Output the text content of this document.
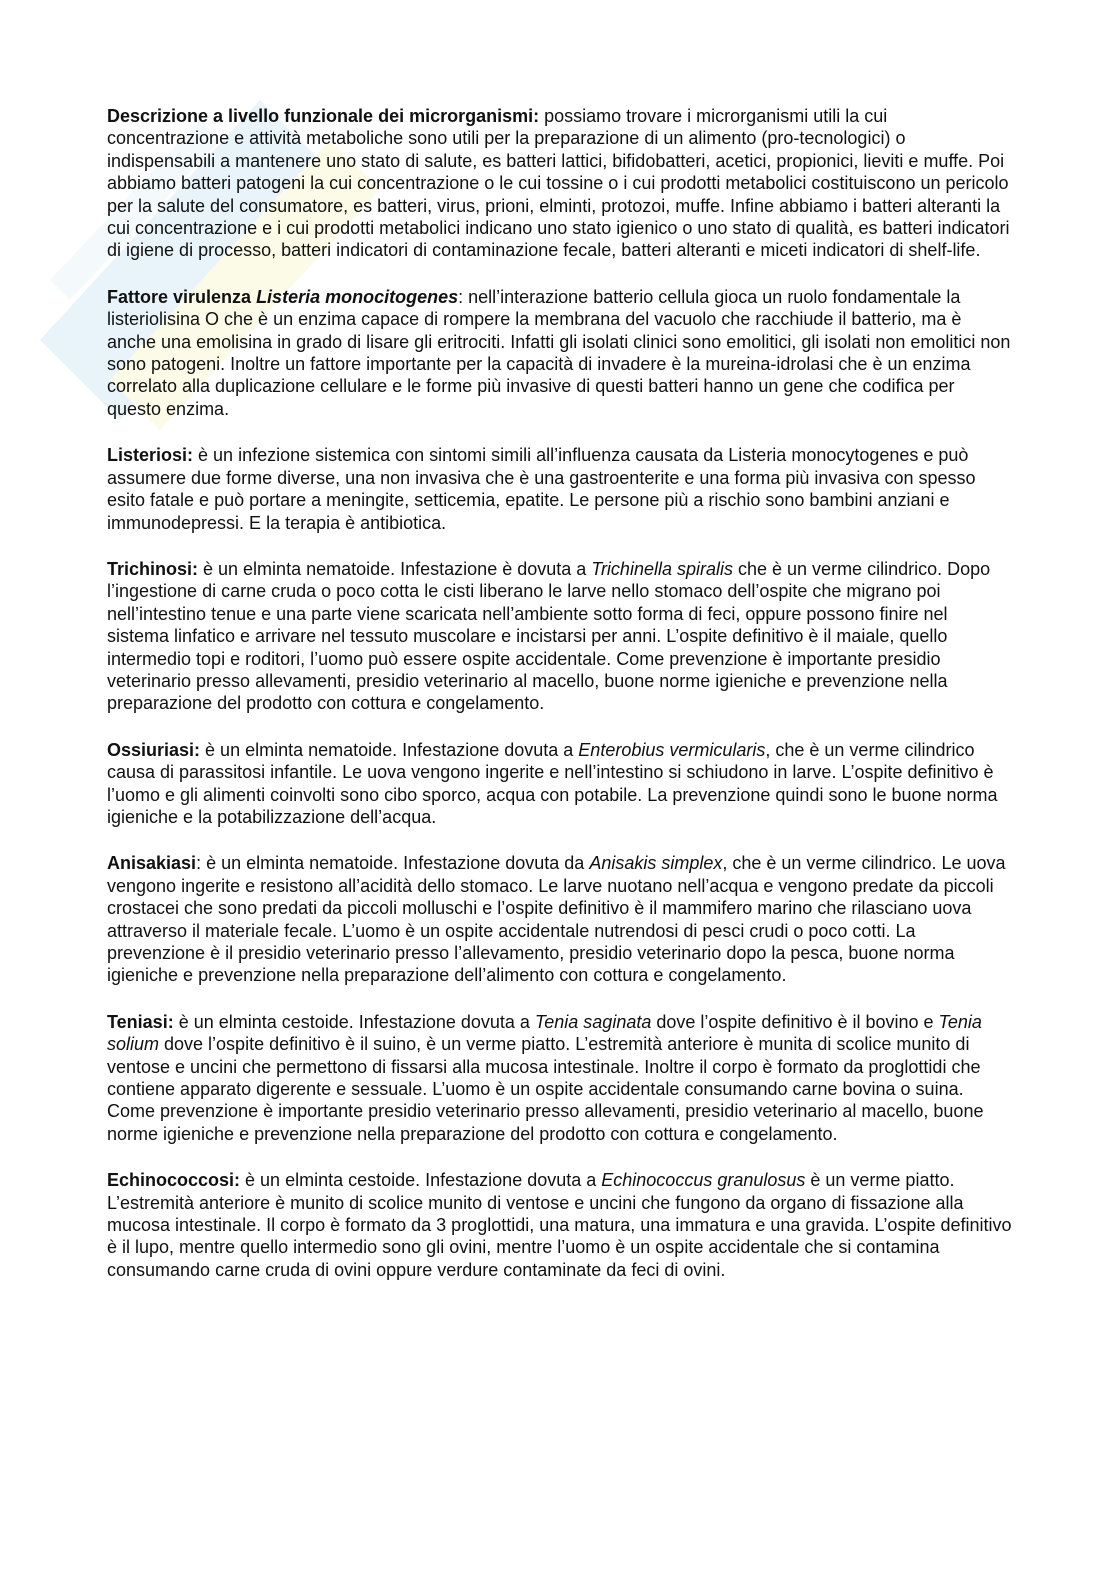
Descrizione a livello funzionale dei microrganismi: possiamo trovare i microrganismi utili la cui concentrazione e attività metaboliche sono utili per la preparazione di un alimento (pro-tecnologici) o indispensabili a mantenere uno stato di salute, es batteri lattici, bifidobatteri, acetici, propionici, lieviti e muffe. Poi abbiamo batteri patogeni la cui concentrazione o le cui tossine o i cui prodotti metabolici costituiscono un pericolo per la salute del consumatore, es batteri, virus, prioni, elminti, protozoi, muffe. Infine abbiamo i batteri alteranti la cui concentrazione e i cui prodotti metabolici indicano uno stato igienico o uno stato di qualità, es batteri indicatori di igiene di processo, batteri indicatori di contaminazione fecale, batteri alteranti e miceti indicatori di shelf-life.

Fattore virulenza Listeria monocitogenes: nell’interazione batterio cellula gioca un ruolo fondamentale la listeriolisina O che è un enzima capace di rompere la membrana del vacuolo che racchiude il batterio, ma è anche una emolisina in grado di lisare gli eritrociti. Infatti gli isolati clinici sono emolitici, gli isolati non emolitici non sono patogeni. Inoltre un fattore importante per la capacità di invadere è la mureina-idrolasi che è un enzima correlato alla duplicazione cellulare e le forme più invasive di questi batteri hanno un gene che codifica per questo enzima.

Listeriosi: è un infezione sistemica con sintomi simili all’influenza causata da Listeria monocytogenes e può assumere due forme diverse, una non invasiva che è una gastroenterite e una forma più invasiva con spesso esito fatale e può portare a meningite, setticemia, epatite. Le persone più a rischio sono bambini anziani e immunodepressi. E la terapia è antibiotica.

Trichinosi: è un elminta nematoide. Infestazione è dovuta a Trichinella spiralis che è un verme cilindrico. Dopo l’ingestione di carne cruda o poco cotta le cisti liberano le larve nello stomaco dell’ospite che migrano poi nell’intestino tenue e una parte viene scaricata nell’ambiente sotto forma di feci, oppure possono finire nel sistema linfatico e arrivare nel tessuto muscolare e incistarsi per anni. L’ospite definitivo è il maiale, quello intermedio topi e roditori, l’uomo può essere ospite accidentale. Come prevenzione è importante presidio veterinario presso allevamenti, presidio veterinario al macello, buone norme igieniche e prevenzione nella preparazione del prodotto con cottura e congelamento.

Ossiuriasi: è un elminta nematoide. Infestazione dovuta a Enterobius vermicularis, che è un verme cilindrico causa di parassitosi infantile. Le uova vengono ingerite e nell’intestino si schiudono in larve. L’ospite definitivo è l’uomo e gli alimenti coinvolti sono cibo sporco, acqua con potabile. La prevenzione quindi sono le buone norma igieniche e la potabilizzazione dell’acqua.

Anisakiasi: è un elminta nematoide. Infestazione dovuta da Anisakis simplex, che è un verme cilindrico. Le uova vengono ingerite e resistono all’acidità dello stomaco. Le larve nuotano nell’acqua e vengono predate da piccoli crostacei che sono predati da piccoli molluschi e l’ospite definitivo è il mammifero marino che rilasciano uova attraverso il materiale fecale. L’uomo è un ospite accidentale nutrendosi di pesci crudi o poco cotti. La prevenzione è il presidio veterinario presso l’allevamento, presidio veterinario dopo la pesca, buone norma igieniche e prevenzione nella preparazione dell’alimento con cottura e congelamento.

Teniasi: è un elminta cestoide. Infestazione dovuta a Tenia saginata dove l’ospite definitivo è il bovino e Tenia solium dove l’ospite definitivo è il suino, è un verme piatto. L’estremità anteriore è munita di scolice munito di ventose e uncini che permettono di fissarsi alla mucosa intestinale. Inoltre il corpo è formato da proglottidi che contiene apparato digerente e sessuale. L’uomo è un ospite accidentale consumando carne bovina o suina. Come prevenzione è importante presidio veterinario presso allevamenti, presidio veterinario al macello, buone norme igieniche e prevenzione nella preparazione del prodotto con cottura e congelamento.

Echinococcosi: è un elminta cestoide. Infestazione dovuta a Echinococcus granulosus è un verme piatto. L’estremità anteriore è munito di scolice munito di ventose e uncini che fungono da organo di fissazione alla mucosa intestinale. Il corpo è formato da 3 proglottidi, una matura, una immatura e una gravida. L’ospite definitivo è il lupo, mentre quello intermedio sono gli ovini, mentre l’uomo è un ospite accidentale che si contamina consumando carne cruda di ovini oppure verdure contaminate da feci di ovini.
